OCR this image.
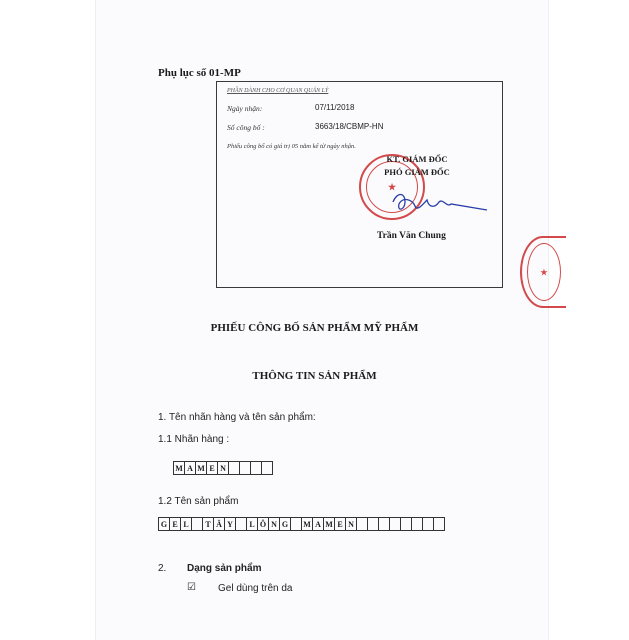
Phụ lục số 01-MP
PHẦN DÀNH CHO CƠ QUAN QUẢN LÝ
Ngày nhận:	07/11/2018
Số công bố :	3663/18/CBMP-HN
Phiếu công bố có giá trị 05 năm kể từ ngày nhận.
★
KT. GIÁM ĐỐC
PHÓ GIÁM ĐỐC
Trần Văn Chung
★
PHIẾU CÔNG BỐ SẢN PHẨM MỸ PHẨM
THÔNG TIN SẢN PHẨM
1. Tên nhãn hàng và tên sản phẩm:
1.1 Nhãn hàng :
M A M E N
1.2 Tên sản phẩm
G E L	T Â Y	L Ô N G	M A M E N
2. Dạng sản phẩm
☑ Gel dùng trên da
